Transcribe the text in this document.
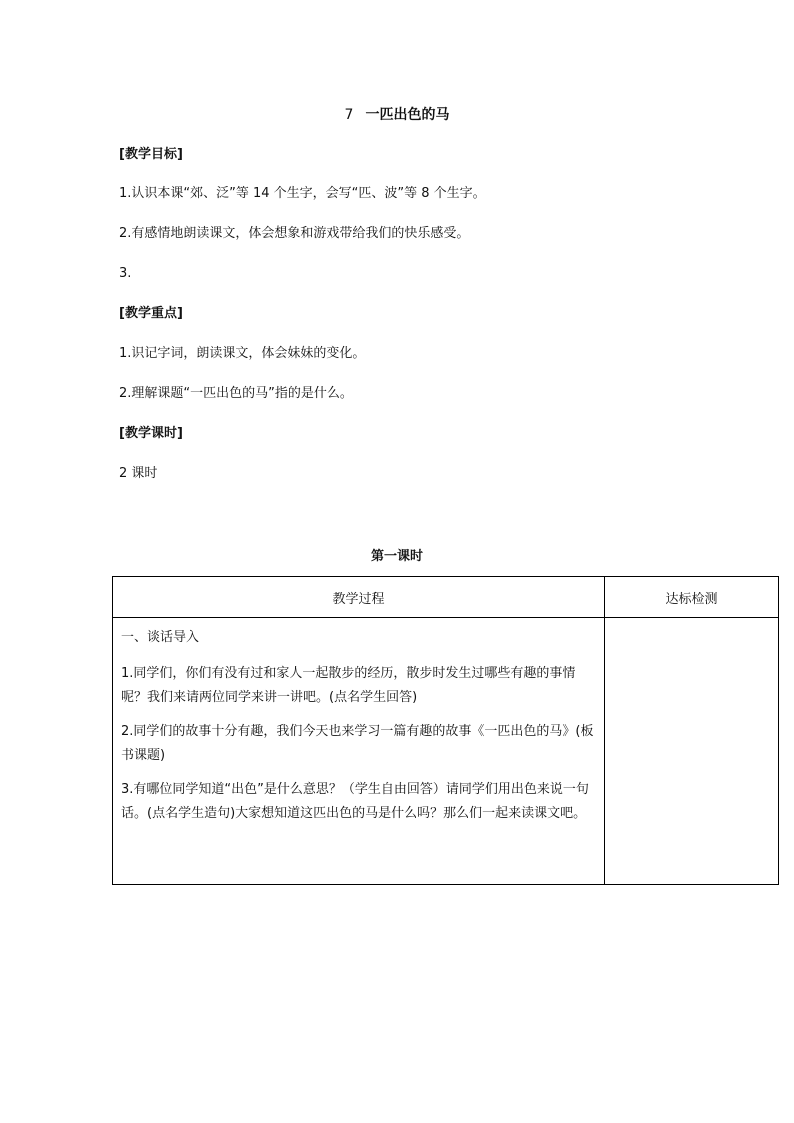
7 一匹出色的马
[教学目标]
1.认识本课“郊、泛”等 14 个生字，会写“匹、波”等 8 个生字。
2.有感情地朗读课文，体会想象和游戏带给我们的快乐感受。
3.
[教学重点]
1.识记字词，朗读课文，体会妹妹的变化。
2.理解课题“一匹出色的马”指的是什么。
[教学课时]
2 课时
第一课时
教学过程	达标检测

一、谈话导入
1.同学们，你们有没有过和家人一起散步的经历，散步时发生过哪些有趣的事情呢？我们来请两位同学来讲一讲吧。(点名学生回答)
2.同学们的故事十分有趣，我们今天也来学习一篇有趣的故事《一匹出色的马》(板书课题)
3.有哪位同学知道“出色”是什么意思？（学生自由回答）请同学们用出色来说一句话。(点名学生造句)大家想知道这匹出色的马是什么吗？那么们一起来读课文吧。	
